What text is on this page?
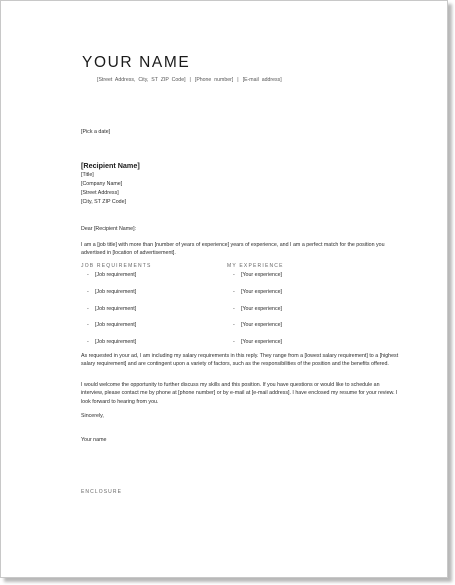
YOUR NAME
[Street Address, City, ST ZIP Code] | [Phone number] | [E-mail address]
[Pick a date]
[Recipient Name]
[Title]
[Company Name]
[Street Address]
[City, ST ZIP Code]
Dear [Recipient Name]:
I am a [job title] with more than [number of years of experience] years of experience, and I am a perfect match for the position you advertised in [location of advertisement].
JOB REQUIREMENTS	MY EXPERIENCE
- [Job requirement]
- [Job requirement]
- [Job requirement]
- [Job requirement]
- [Job requirement]
- [Your experience]
- [Your experience]
- [Your experience]
- [Your experience]
- [Your experience]
As requested in your ad, I am including my salary requirements in this reply. They range from a [lowest salary requirement] to a [highest salary requirement] and are contingent upon a variety of factors, such as the responsibilities of the position and the benefits offered.
I would welcome the opportunity to further discuss my skills and this position. If you have questions or would like to schedule an interview, please contact me by phone at [phone number] or by e-mail at [e-mail address]. I have enclosed my resume for your review. I look forward to hearing from you.
Sincerely,
Your name
ENCLOSURE
